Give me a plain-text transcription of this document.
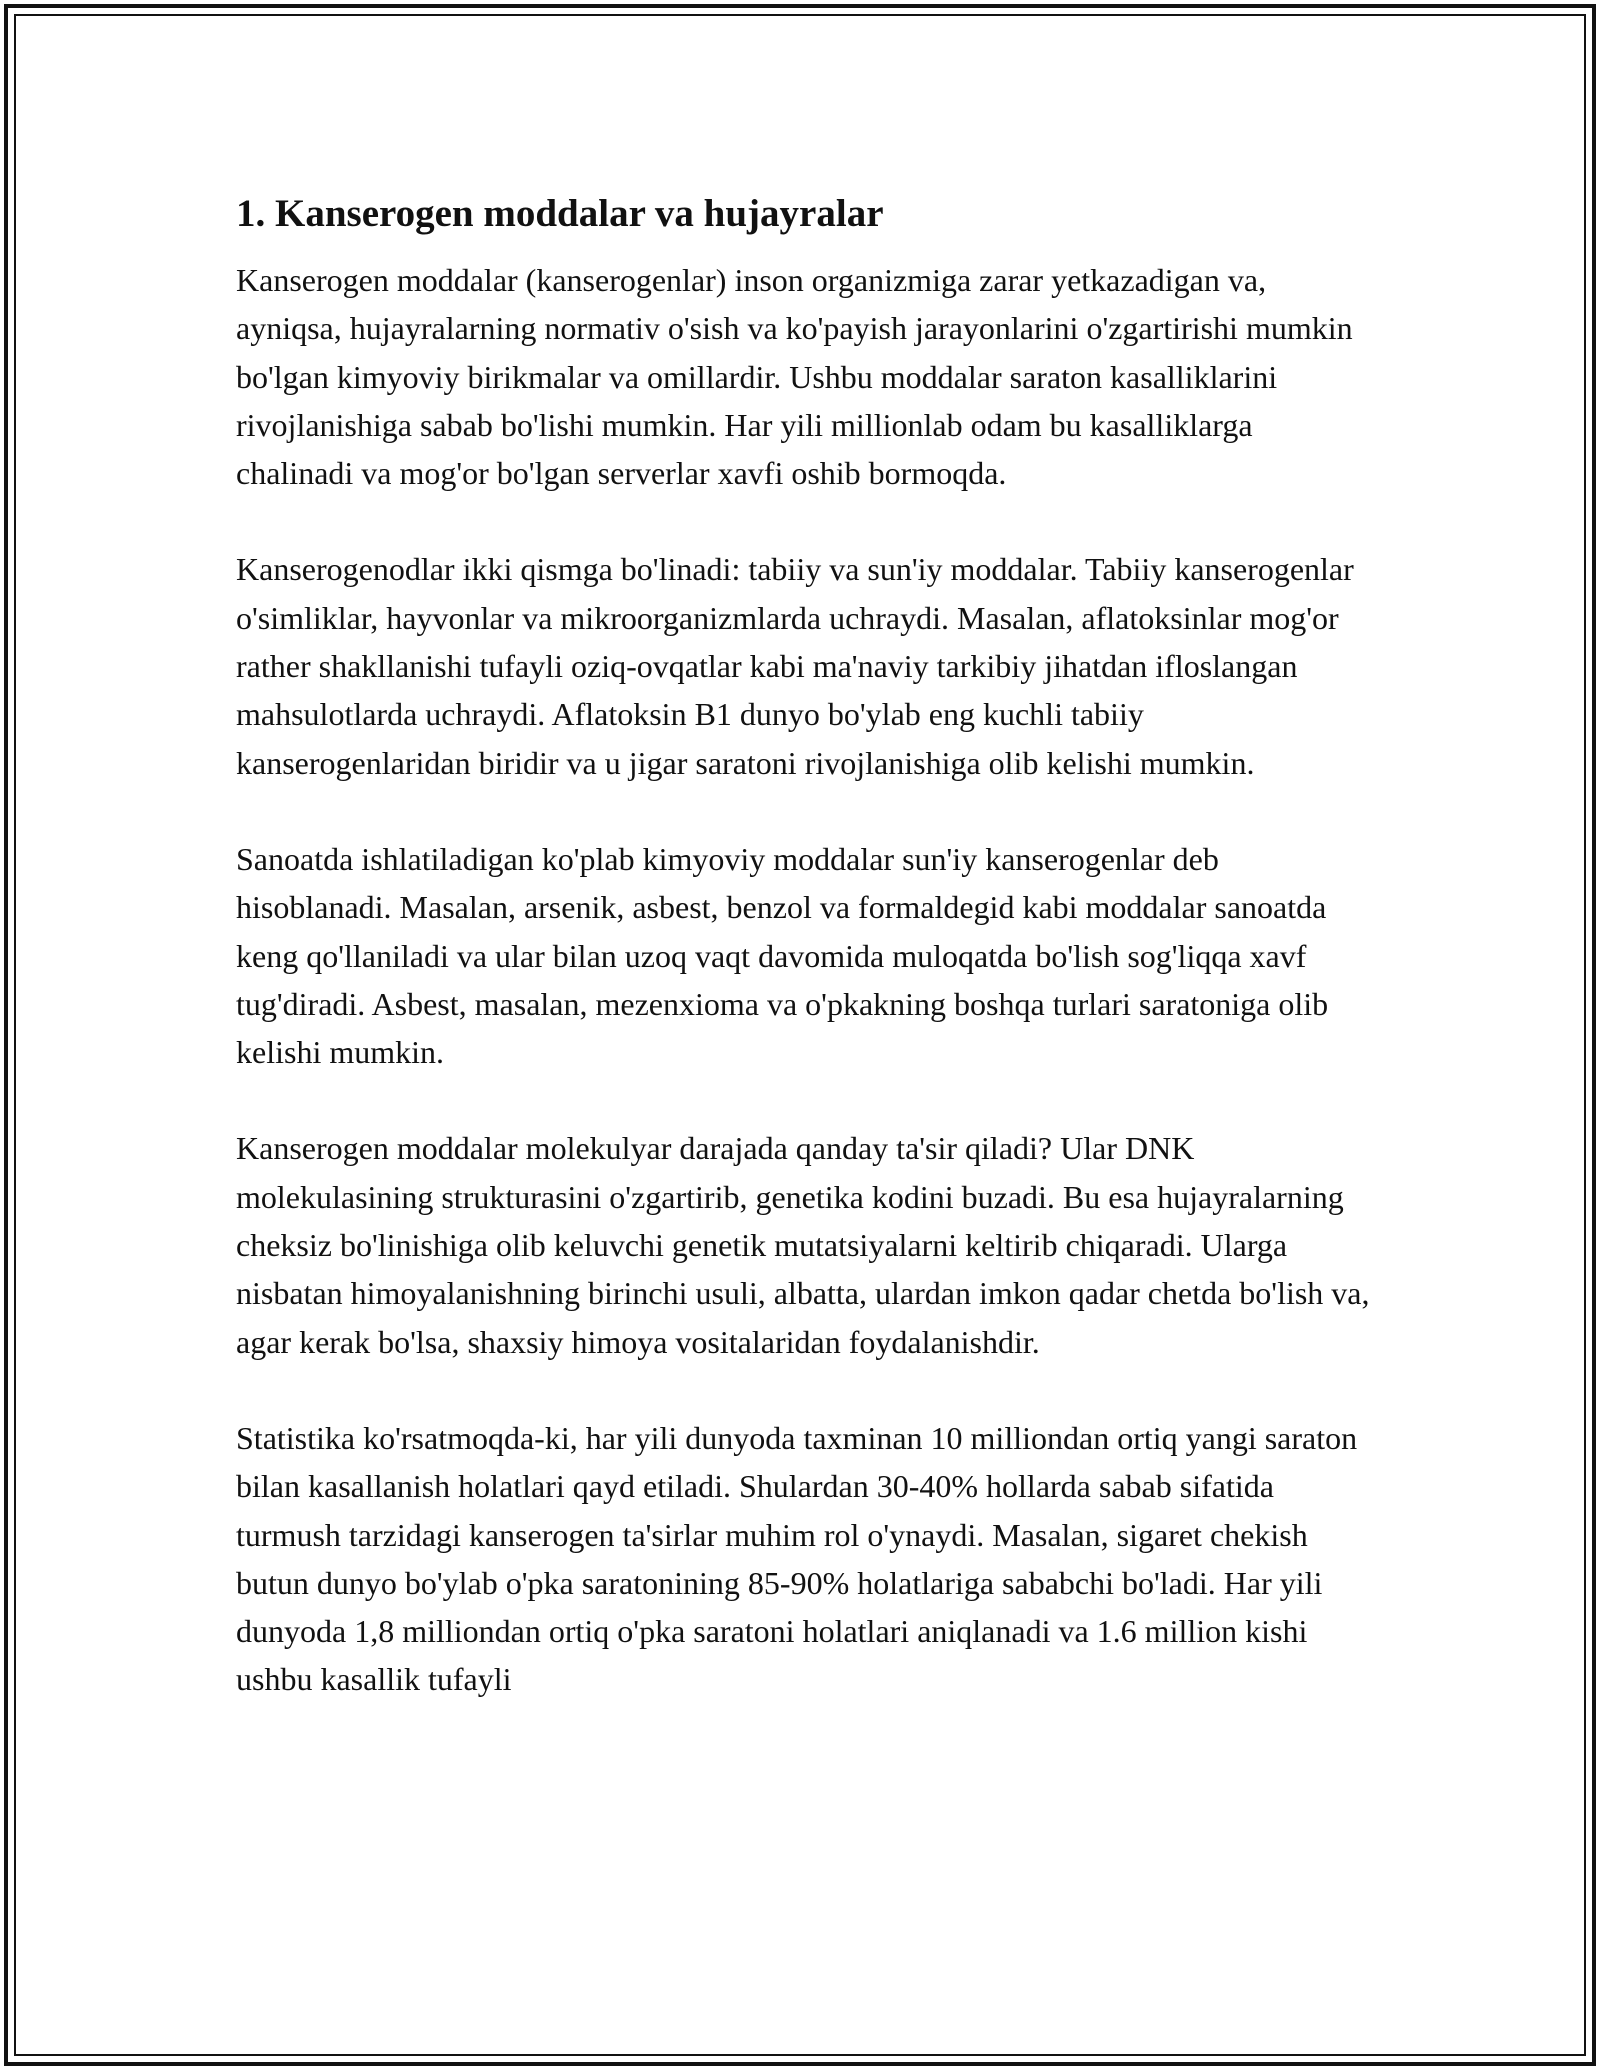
1. Kanserogen moddalar va hujayralar

Kanserogen moddalar (kanserogenlar) inson organizmiga zarar yetkazadigan va, ayniqsa, hujayralarning normativ o'sish va ko'payish jarayonlarini o'zgartirishi mumkin bo'lgan kimyoviy birikmalar va omillardir. Ushbu moddalar saraton kasalliklarini rivojlanishiga sabab bo'lishi mumkin. Har yili millionlab odam bu kasalliklarga chalinadi va mog'or bo'lgan serverlar xavfi oshib bormoqda.

Kanserogenodlar ikki qismga bo'linadi: tabiiy va sun'iy moddalar. Tabiiy kanserogenlar o'simliklar, hayvonlar va mikroorganizmlarda uchraydi. Masalan, aflatoksinlar mog'or rather shakllanishi tufayli oziq-ovqatlar kabi ma'naviy tarkibiy jihatdan ifloslangan mahsulotlarda uchraydi. Aflatoksin B1 dunyo bo'ylab eng kuchli tabiiy kanserogenlaridan biridir va u jigar saratoni rivojlanishiga olib kelishi mumkin.

Sanoatda ishlatiladigan ko'plab kimyoviy moddalar sun'iy kanserogenlar deb hisoblanadi. Masalan, arsenik, asbest, benzol va formaldegid kabi moddalar sanoatda keng qo'llaniladi va ular bilan uzoq vaqt davomida muloqatda bo'lish sog'liqqa xavf tug'diradi. Asbest, masalan, mezenxioma va o'pkakning boshqa turlari saratoniga olib kelishi mumkin.

Kanserogen moddalar molekulyar darajada qanday ta'sir qiladi? Ular DNK molekulasining strukturasini o'zgartirib, genetika kodini buzadi. Bu esa hujayralarning cheksiz bo'linishiga olib keluvchi genetik mutatsiyalarni keltirib chiqaradi. Ularga nisbatan himoyalanishning birinchi usuli, albatta, ulardan imkon qadar chetda bo'lish va, agar kerak bo'lsa, shaxsiy himoya vositalaridan foydalanishdir.

Statistika ko'rsatmoqda-ki, har yili dunyoda taxminan 10 milliondan ortiq yangi saraton bilan kasallanish holatlari qayd etiladi. Shulardan 30-40% hollarda sabab sifatida turmush tarzidagi kanserogen ta'sirlar muhim rol o'ynaydi. Masalan, sigaret chekish butun dunyo bo'ylab o'pka saratonining 85-90% holatlariga sababchi bo'ladi. Har yili dunyoda 1,8 milliondan ortiq o'pka saratoni holatlari aniqlanadi va 1.6 million kishi ushbu kasallik tufayli
